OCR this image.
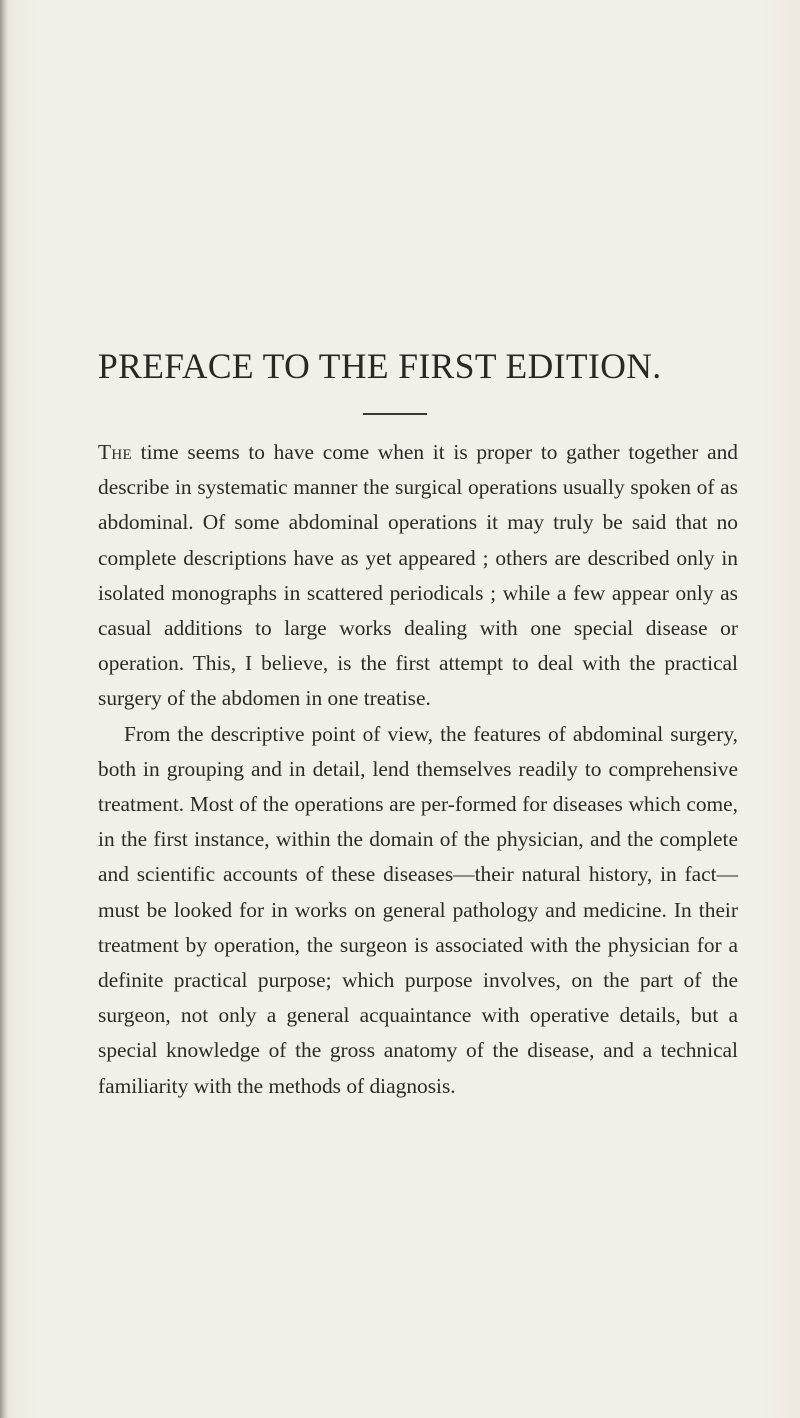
PREFACE TO THE FIRST EDITION.

The time seems to have come when it is proper to gather together and describe in systematic manner the surgical operations usually spoken of as abdominal. Of some abdominal operations it may truly be said that no complete descriptions have as yet appeared ; others are described only in isolated monographs in scattered periodicals ; while a few appear only as casual additions to large works dealing with one special disease or operation. This, I believe, is the first attempt to deal with the practical surgery of the abdomen in one treatise.

From the descriptive point of view, the features of abdominal surgery, both in grouping and in detail, lend themselves readily to comprehensive treatment. Most of the operations are per-formed for diseases which come, in the first instance, within the domain of the physician, and the complete and scientific accounts of these diseases—their natural history, in fact—must be looked for in works on general pathology and medicine. In their treatment by operation, the surgeon is associated with the physician for a definite practical purpose; which purpose involves, on the part of the surgeon, not only a general acquaintance with operative details, but a special knowledge of the gross anatomy of the disease, and a technical familiarity with the methods of diagnosis.
